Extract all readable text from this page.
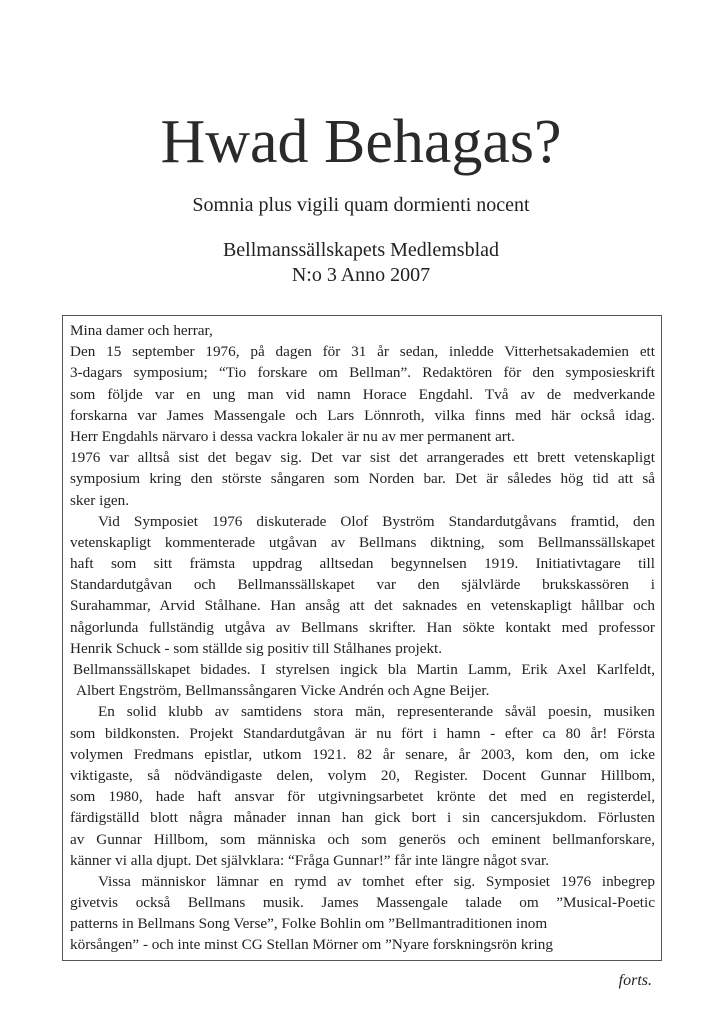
Hwad Behagas?
Somnia plus vigili quam dormienti nocent
Bellmanssällskapets Medlemsblad
N:o 3 Anno 2007
Mina damer och herrar,
Den 15 september 1976, på dagen för 31 år sedan, inledde Vitterhetsakademien ett
3-dagars symposium; “Tio forskare om Bellman”. Redaktören för den symposieskrift
som följde var en ung man vid namn Horace Engdahl. Två av de medverkande
forskarna var James Massengale och Lars Lönnroth, vilka finns med här också idag.
Herr Engdahls närvaro i dessa vackra lokaler är nu av mer permanent art.
1976 var alltså sist det begav sig. Det var sist det arrangerades ett brett vetenskapligt
symposium kring den störste sångaren som Norden bar. Det är således hög tid att så
sker igen.
Vid Symposiet 1976 diskuterade Olof Byström Standardutgåvans framtid, den
vetenskapligt kommenterade utgåvan av Bellmans diktning, som Bellmanssällskapet
haft som sitt främsta uppdrag alltsedan begynnelsen 1919. Initiativtagare till
Standardutgåvan och Bellmanssällskapet var den självlärde brukskassören i
Surahammar, Arvid Stålhane. Han ansåg att det saknades en vetenskapligt hållbar och
någorlunda fullständig utgåva av Bellmans skrifter. Han sökte kontakt med professor
Henrik Schuck - som ställde sig positiv till Stålhanes projekt.
Bellmanssällskapet bidades. I styrelsen ingick bla Martin Lamm, Erik Axel Karlfeldt,
Albert Engström, Bellmanssångaren Vicke Andrén och Agne Beijer.
En solid klubb av samtidens stora män, representerande såväl poesin, musiken
som bildkonsten. Projekt Standardutgåvan är nu fört i hamn - efter ca 80 år! Första
volymen Fredmans epistlar, utkom 1921. 82 år senare, år 2003, kom den, om icke
viktigaste, så nödvändigaste delen, volym 20, Register. Docent Gunnar Hillbom,
som 1980, hade haft ansvar för utgivningsarbetet krönte det med en registerdel,
färdigställd blott några månader innan han gick bort i sin cancersjukdom. Förlusten
av Gunnar Hillbom, som människa och som generös och eminent bellmanforskare,
känner vi alla djupt. Det självklara: “Fråga Gunnar!” får inte längre något svar.
Vissa människor lämnar en rymd av tomhet efter sig. Symposiet 1976 inbegrep
givetvis också Bellmans musik. James Massengale talade om ”Musical-Poetic
patterns in Bellmans Song Verse”, Folke Bohlin om ”Bellmantraditionen inom
körsången” - och inte minst CG Stellan Mörner om ”Nyare forskningsrön kring
forts.
